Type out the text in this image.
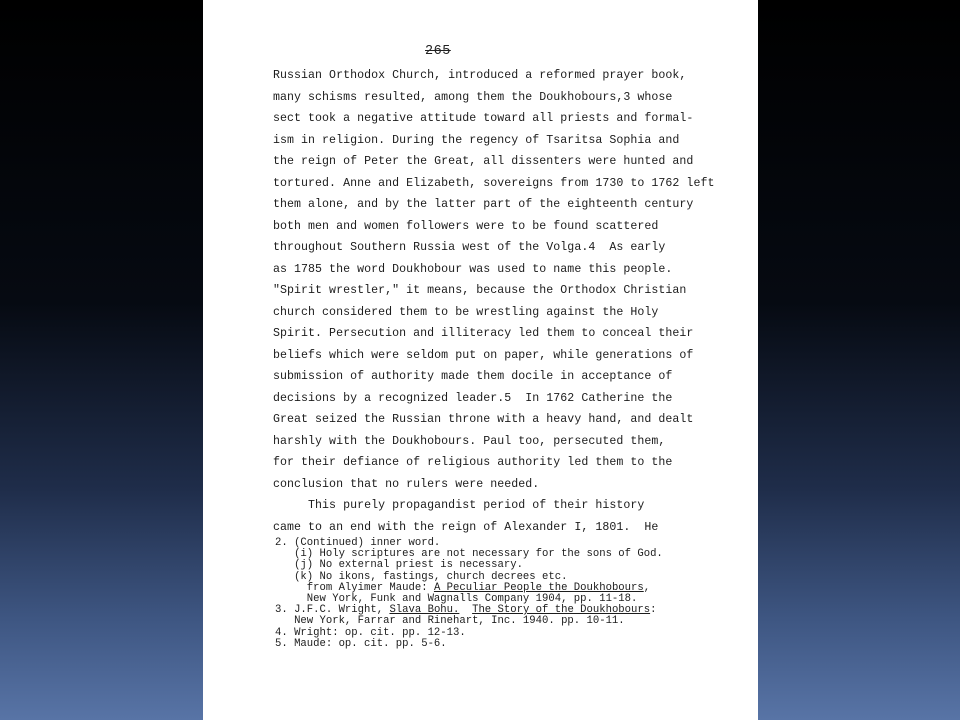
265
Russian Orthodox Church, introduced a reformed prayer book,
many schisms resulted, among them the Doukhobours,3 whose
sect took a negative attitude toward all priests and formal-
ism in religion. During the regency of Tsaritsa Sophia and
the reign of Peter the Great, all dissenters were hunted and
tortured. Anne and Elizabeth, sovereigns from 1730 to 1762 left
them alone, and by the latter part of the eighteenth century
both men and women followers were to be found scattered
throughout Southern Russia west of the Volga.4  As early
as 1785 the word Doukhobour was used to name this people.
"Spirit wrestler," it means, because the Orthodox Christian
church considered them to be wrestling against the Holy
Spirit. Persecution and illiteracy led them to conceal their
beliefs which were seldom put on paper, while generations of
submission of authority made them docile in acceptance of
decisions by a recognized leader.5  In 1762 Catherine the
Great seized the Russian throne with a heavy hand, and dealt
harshly with the Doukhobours. Paul too, persecuted them,
for their defiance of religious authority led them to the
conclusion that no rulers were needed.
This purely propagandist period of their history
came to an end with the reign of Alexander I, 1801.  He
2. (Continued) inner word.
(i) Holy scriptures are not necessary for the sons of God.
(j) No external priest is necessary.
(k) No ikons, fastings, church decrees etc.
from Alyimer Maude: A Peculiar People the Doukhobours,
New York, Funk and Wagnalls Company 1904, pp. 11-18.
3. J.F.C. Wright, Slava Bohu. The Story of the Doukhobours:
New York, Farrar and Rinehart, Inc. 1940. pp. 10-11.
4. Wright: op. cit. pp. 12-13.
5. Maude: op. cit. pp. 5-6.
